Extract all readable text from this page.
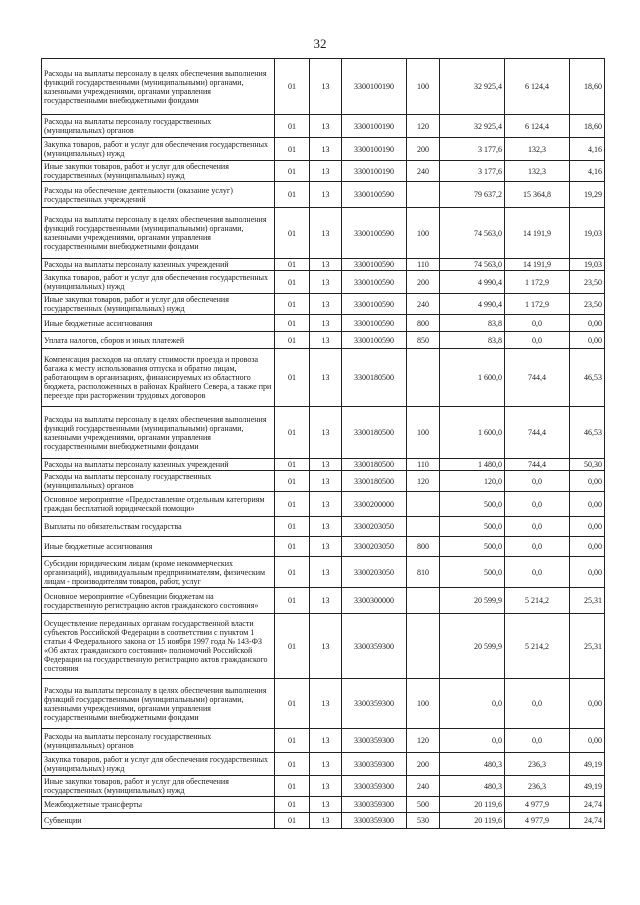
32
Расходы на выплаты персоналу в целях обеспечения выполнения функций государственными (муниципальными) органами, казенными учреждениями, органами управления государственными внебюджетными фондами	01	13	3300100190	100	32 925,4	6 124,4	18,60
Расходы на выплаты персоналу государственных (муниципальных) органов	01	13	3300100190	120	32 925,4	6 124,4	18,60
Закупка товаров, работ и услуг для обеспечения государственных (муниципальных) нужд	01	13	3300100190	200	3 177,6	132,3	4,16
Иные закупки товаров, работ и услуг для обеспечения государственных (муниципальных) нужд	01	13	3300100190	240	3 177,6	132,3	4,16
Расходы на обеспечение деятельности (оказание услуг) государственных учреждений	01	13	3300100590		79 637,2	15 364,8	19,29
Расходы на выплаты персоналу в целях обеспечения выполнения функций государственными (муниципальными) органами, казенными учреждениями, органами управления государственными внебюджетными фондами	01	13	3300100590	100	74 563,0	14 191,9	19,03
Расходы на выплаты персоналу казенных учреждений	01	13	3300100590	110	74 563,0	14 191,9	19,03
Закупка товаров, работ и услуг для обеспечения государственных (муниципальных) нужд	01	13	3300100590	200	4 990,4	1 172,9	23,50
Иные закупки товаров, работ и услуг для обеспечения государственных (муниципальных) нужд	01	13	3300100590	240	4 990,4	1 172,9	23,50
Иные бюджетные ассигнования	01	13	3300100590	800	83,8	0,0	0,00
Уплата налогов, сборов и иных платежей	01	13	3300100590	850	83,8	0,0	0,00
Компенсация расходов на оплату стоимости проезда и провоза багажа к месту использования отпуска и обратно лицам, работающим в организациях, финансируемых из областного бюджета, расположенных в районах Крайнего Севера, а также при переезде при расторжении трудовых договоров	01	13	3300180500		1 600,0	744,4	46,53
Расходы на выплаты персоналу в целях обеспечения выполнения функций государственными (муниципальными) органами, казенными учреждениями, органами управления государственными внебюджетными фондами	01	13	3300180500	100	1 600,0	744,4	46,53
Расходы на выплаты персоналу казенных учреждений	01	13	3300180500	110	1 480,0	744,4	50,30
Расходы на выплаты персоналу государственных (муниципальных) органов	01	13	3300180500	120	120,0	0,0	0,00
Основное мероприятие «Предоставление отдельным категориям граждан бесплатной юридической помощи»	01	13	3300200000		500,0	0,0	0,00
Выплаты по обязательствам государства	01	13	3300203050		500,0	0,0	0,00
Иные бюджетные ассигнования	01	13	3300203050	800	500,0	0,0	0,00
Субсидии юридическим лицам (кроме некоммерческих организаций), индивидуальным предпринимателям, физическим лицам - производителям товаров, работ, услуг	01	13	3300203050	810	500,0	0,0	0,00
Основное мероприятие «Субвенции бюджетам на государственную регистрацию актов гражданского состояния»	01	13	3300300000		20 599,9	5 214,2	25,31
Осуществление переданных органам государственной власти субъектов Российской Федерации в соответствии с пунктом 1 статьи 4 Федерального закона от 15 ноября 1997 года № 143-ФЗ «Об актах гражданского состояния» полномочий Российской Федерации на государственную регистрацию актов гражданского состояния	01	13	3300359300		20 599,9	5 214,2	25,31
Расходы на выплаты персоналу в целях обеспечения выполнения функций государственными (муниципальными) органами, казенными учреждениями, органами управления государственными внебюджетными фондами	01	13	3300359300	100	0,0	0,0	0,00
Расходы на выплаты персоналу государственных (муниципальных) органов	01	13	3300359300	120	0,0	0,0	0,00
Закупка товаров, работ и услуг для обеспечения государственных (муниципальных) нужд	01	13	3300359300	200	480,3	236,3	49,19
Иные закупки товаров, работ и услуг для обеспечения государственных (муниципальных) нужд	01	13	3300359300	240	480,3	236,3	49,19
Межбюджетные трансферты	01	13	3300359300	500	20 119,6	4 977,9	24,74
Субвенции	01	13	3300359300	530	20 119,6	4 977,9	24,74
